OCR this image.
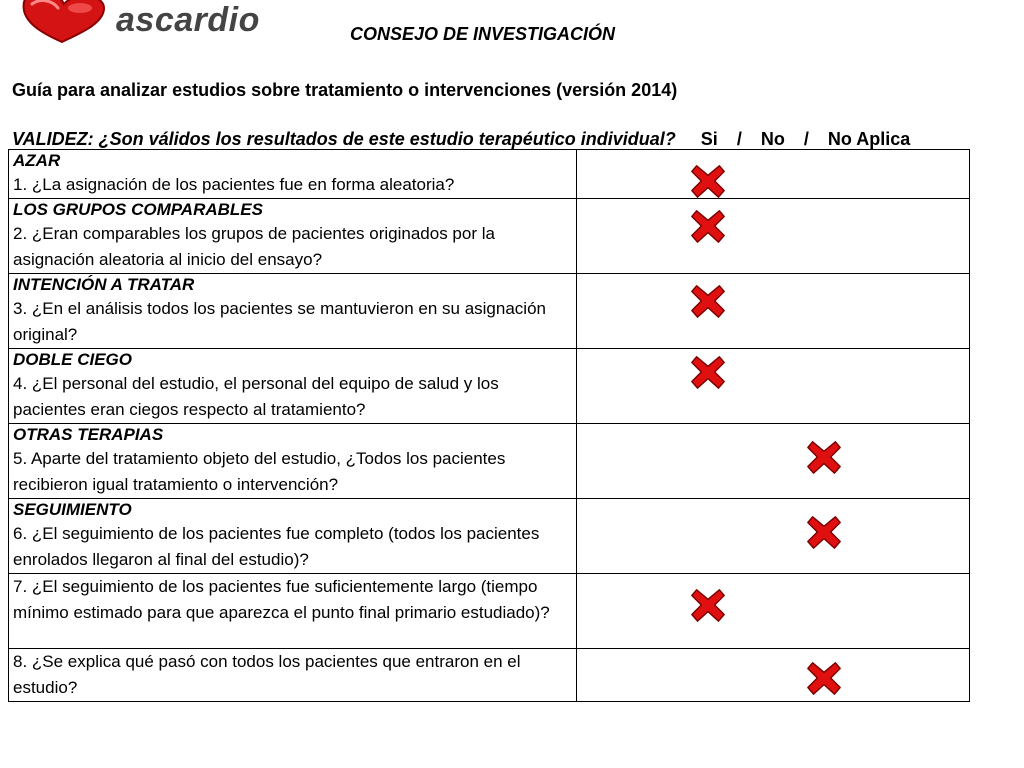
ascardio	CONSEJO DE INVESTIGACIÓN
Guía para analizar estudios sobre tratamiento o intervenciones (versión 2014)
VALIDEZ: ¿Son válidos los resultados de este estudio terapéutico individual? Si / No / No Aplica
AZAR
1. ¿La asignación de los pacientes fue en forma aleatoria?

LOS GRUPOS COMPARABLES
2. ¿Eran comparables los grupos de pacientes originados por la asignación aleatoria al inicio del ensayo?

INTENCIÓN A TRATAR
3. ¿En el análisis todos los pacientes se mantuvieron en su asignación original?

DOBLE CIEGO
4. ¿El personal del estudio, el personal del equipo de salud y los pacientes eran ciegos respecto al tratamiento?

OTRAS TERAPIAS
5. Aparte del tratamiento objeto del estudio, ¿Todos los pacientes recibieron igual tratamiento o intervención?

SEGUIMIENTO
6. ¿El seguimiento de los pacientes fue completo (todos los pacientes enrolados llegaron al final del estudio)?

7. ¿El seguimiento de los pacientes fue suficientemente largo (tiempo mínimo estimado para que aparezca el punto final primario estudiado)?

8. ¿Se explica qué pasó con todos los pacientes que entraron en el estudio?
